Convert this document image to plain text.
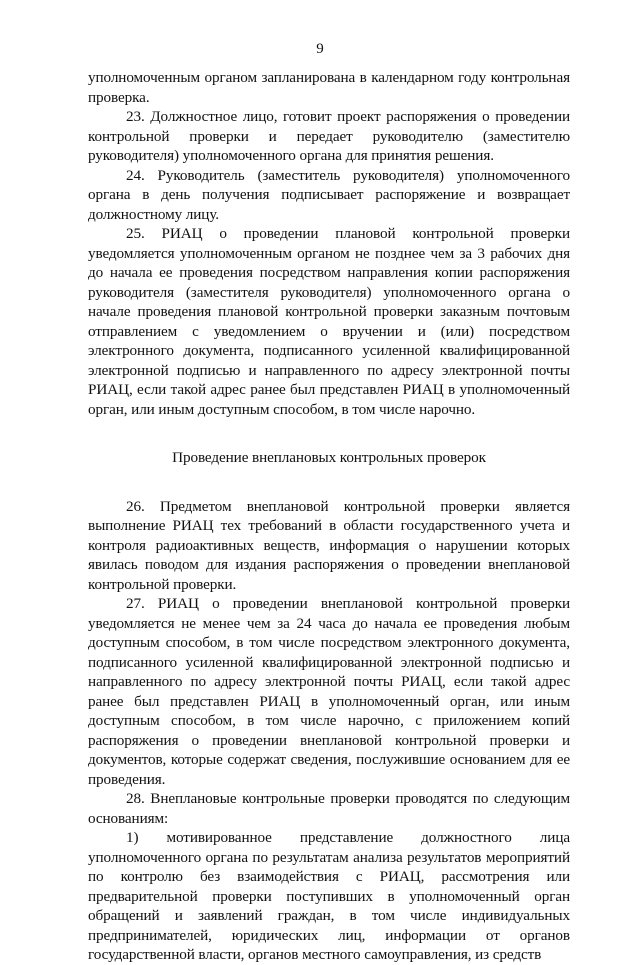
9

уполномоченным органом запланирована в календарном году контрольная проверка.

23. Должностное лицо, готовит проект распоряжения о проведении контрольной проверки и передает руководителю (заместителю руководителя) уполномоченного органа для принятия решения.

24. Руководитель (заместитель руководителя) уполномоченного органа в день получения подписывает распоряжение и возвращает должностному лицу.

25. РИАЦ о проведении плановой контрольной проверки уведомляется уполномоченным органом не позднее чем за 3 рабочих дня до начала ее проведения посредством направления копии распоряжения руководителя (заместителя руководителя) уполномоченного органа о начале проведения плановой контрольной проверки заказным почтовым отправлением с уведомлением о вручении и (или) посредством электронного документа, подписанного усиленной квалифицированной электронной подписью и направленного по адресу электронной почты РИАЦ, если такой адрес ранее был представлен РИАЦ в уполномоченный орган, или иным доступным способом, в том числе нарочно.

Проведение внеплановых контрольных проверок

26. Предметом внеплановой контрольной проверки является выполнение РИАЦ тех требований в области государственного учета и контроля радиоактивных веществ, информация о нарушении которых явилась поводом для издания распоряжения о проведении внеплановой контрольной проверки.

27. РИАЦ о проведении внеплановой контрольной проверки уведомляется не менее чем за 24 часа до начала ее проведения любым доступным способом, в том числе посредством электронного документа, подписанного усиленной квалифицированной электронной подписью и направленного по адресу электронной почты РИАЦ, если такой адрес ранее был представлен РИАЦ в уполномоченный орган, или иным доступным способом, в том числе нарочно, с приложением копий распоряжения о проведении внеплановой контрольной проверки и документов, которые содержат сведения, послужившие основанием для ее проведения.

28. Внеплановые контрольные проверки проводятся по следующим основаниям:

1) мотивированное представление должностного лица уполномоченного органа по результатам анализа результатов мероприятий по контролю без взаимодействия с РИАЦ, рассмотрения или предварительной проверки поступивших в уполномоченный орган обращений и заявлений граждан, в том числе индивидуальных предпринимателей, юридических лиц, информации от органов государственной власти, органов местного самоуправления, из средств
